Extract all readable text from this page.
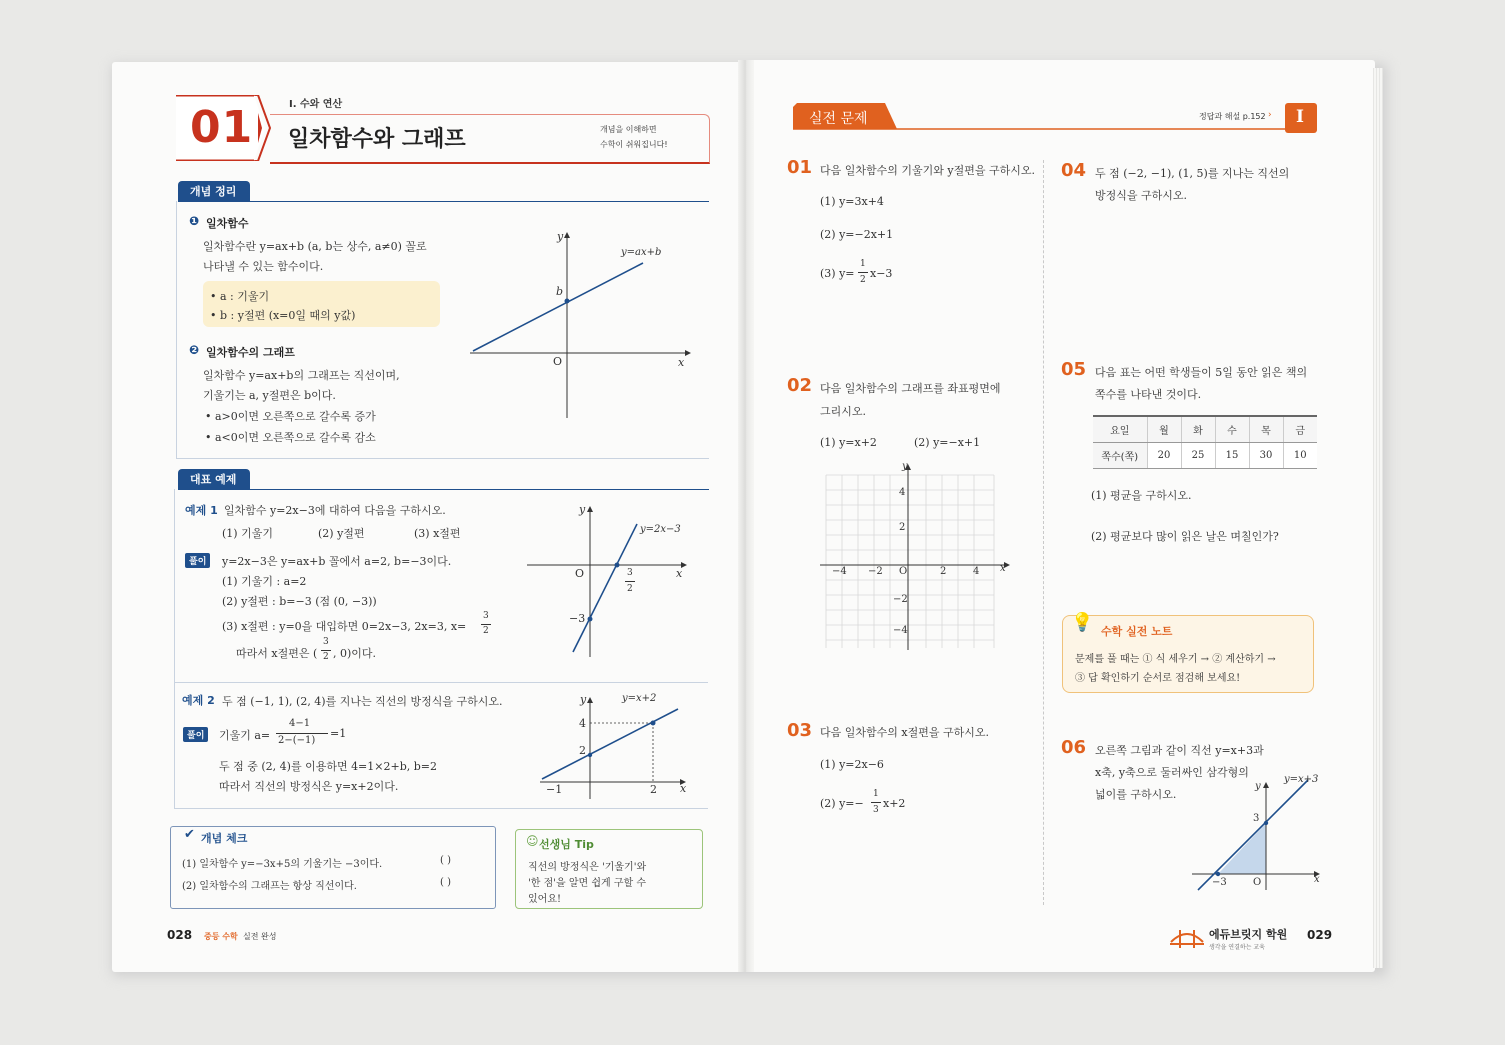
01	I. 수와 연산
일차함수와 그래프	개념을 이해하면
수학이 쉬워집니다!
개념 정리
❶ 일차함수
일차함수란 y=ax+b (a, b는 상수, a≠0) 꼴로
나타낼 수 있는 함수이다.
• a : 기울기
• b : y절편 (x=0일 때의 y값)
❷ 일차함수의 그래프
일차함수 y=ax+b의 그래프는 직선이며,
기울기는 a, y절편은 b이다.
• a>0이면 오른쪽으로 갈수록 증가
• a<0이면 오른쪽으로 갈수록 감소
y
x
y=ax+b
b
O
대표 예제
예제 1 일차함수 y=2x−3에 대하여 다음을 구하시오.
(1) 기울기	(2) y절편	(3) x절편
풀이	y=2x−3은 y=ax+b 꼴에서 a=2, b=−3이다.
(1) 기울기 : a=2
(2) y절편 : b=−3 (점 (0, −3))
(3) x절편 : y=0을 대입하면 0=2x−3, 2x=3, x=
3
2
따라서 x절편은 (
3
2 , 0)이다.
y
x
y=2x−3
O	3
2
−3
예제 2 두 점 (−1, 1), (2, 4)를 지나는 직선의 방정식을 구하시오.
풀이	기울기 a=
4−1
2−(−1)
=1
두 점 중 (2, 4)를 이용하면 4=1×2+b, b=2
따라서 직선의 방정식은 y=x+2이다.
y
x
y=x+2
4
2
−1	2
✔ 개념 체크
(1) 일차함수 y=−3x+5의 기울기는 −3이다.	( )
(2) 일차함수의 그래프는 항상 직선이다.	( )
☺ 선생님 Tip
직선의 방정식은 '기울기'와
'한 점'을 알면 쉽게 구할 수
있어요!
028 중등 수학 실전 완성
실전 문제	정답과 해설 p.152 › I
01 다음 일차함수의 기울기와 y절편을 구하시오.
(1) y=3x+4
(2) y=−2x+1
(3) y=
1
2 x−3
02 다음 일차함수의 그래프를 좌표평면에
그리시오.
(1) y=x+2	(2) y=−x+1
y
x
O
4
2
−2
−4
−4 −2	2	4
03 다음 일차함수의 x절편을 구하시오.
(1) y=2x−6
(2) y=−
1
3 x+2
04 두 점 (−2, −1), (1, 5)를 지나는 직선의
방정식을 구하시오.
05 다음 표는 어떤 학생들이 5일 동안 읽은 책의
쪽수를 나타낸 것이다.
요일	월	화	수	목	금
쪽수(쪽)	20	25	15	30	10
(1) 평균을 구하시오.
(2) 평균보다 많이 읽은 날은 며칠인가?
💡 수학 실전 노트
문제를 풀 때는 ① 식 세우기 → ② 계산하기 →
③ 답 확인하기 순서로 점검해 보세요!
06 오른쪽 그림과 같이 직선 y=x+3과
x축, y축으로 둘러싸인 삼각형의
넓이를 구하시오.
y
x
y=x+3
O
3
−3
에듀브릿지 학원
생각을 연결하는 교육
029
